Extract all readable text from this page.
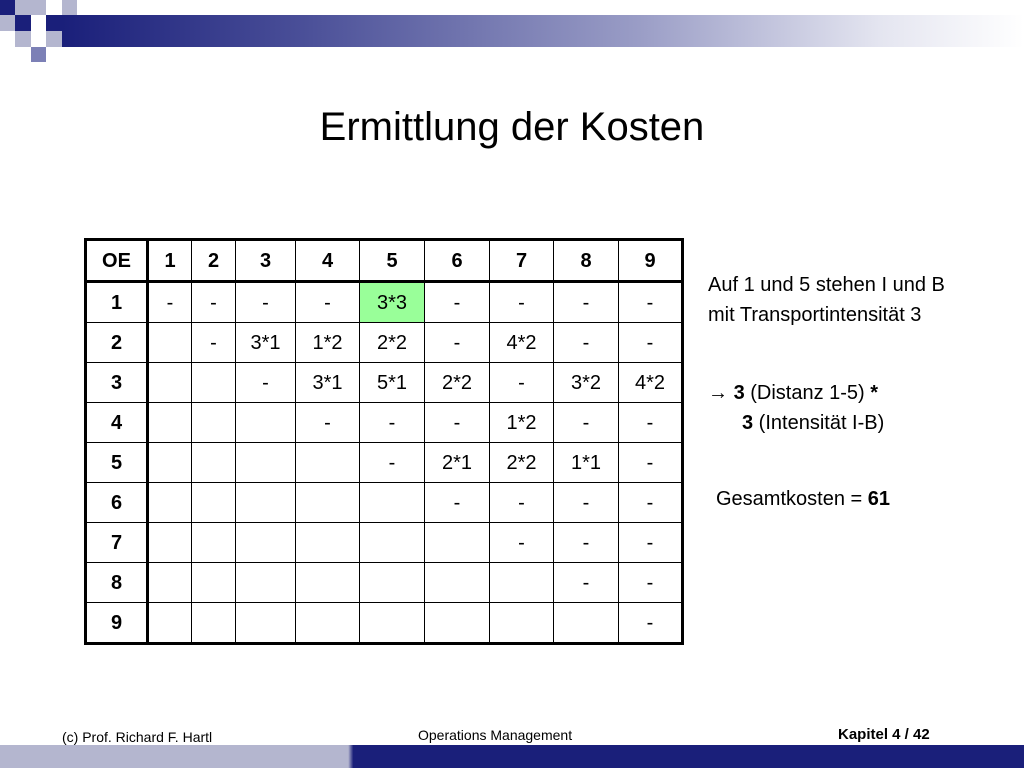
Ermittlung der Kosten
OE	1	2	3	4	5	6	7	8	9
1	-	-	-	-	3*3	-	-	-	-
2		-	3*1	1*2	2*2	-	4*2	-	-
3			-	3*1	5*1	2*2	-	3*2	4*2
4				-	-	-	1*2	-	-
5					-	2*1	2*2	1*1	-
6						-	-	-	-
7							-	-	-
8								-	-
9									-
Auf 1 und 5 stehen I und B mit Transportintensität 3
→ 3 (Distanz 1-5) *
3 (Intensität I-B)
Gesamtkosten = 61
(c) Prof. Richard F. Hartl	Operations Management	Kapitel 4 / 42
